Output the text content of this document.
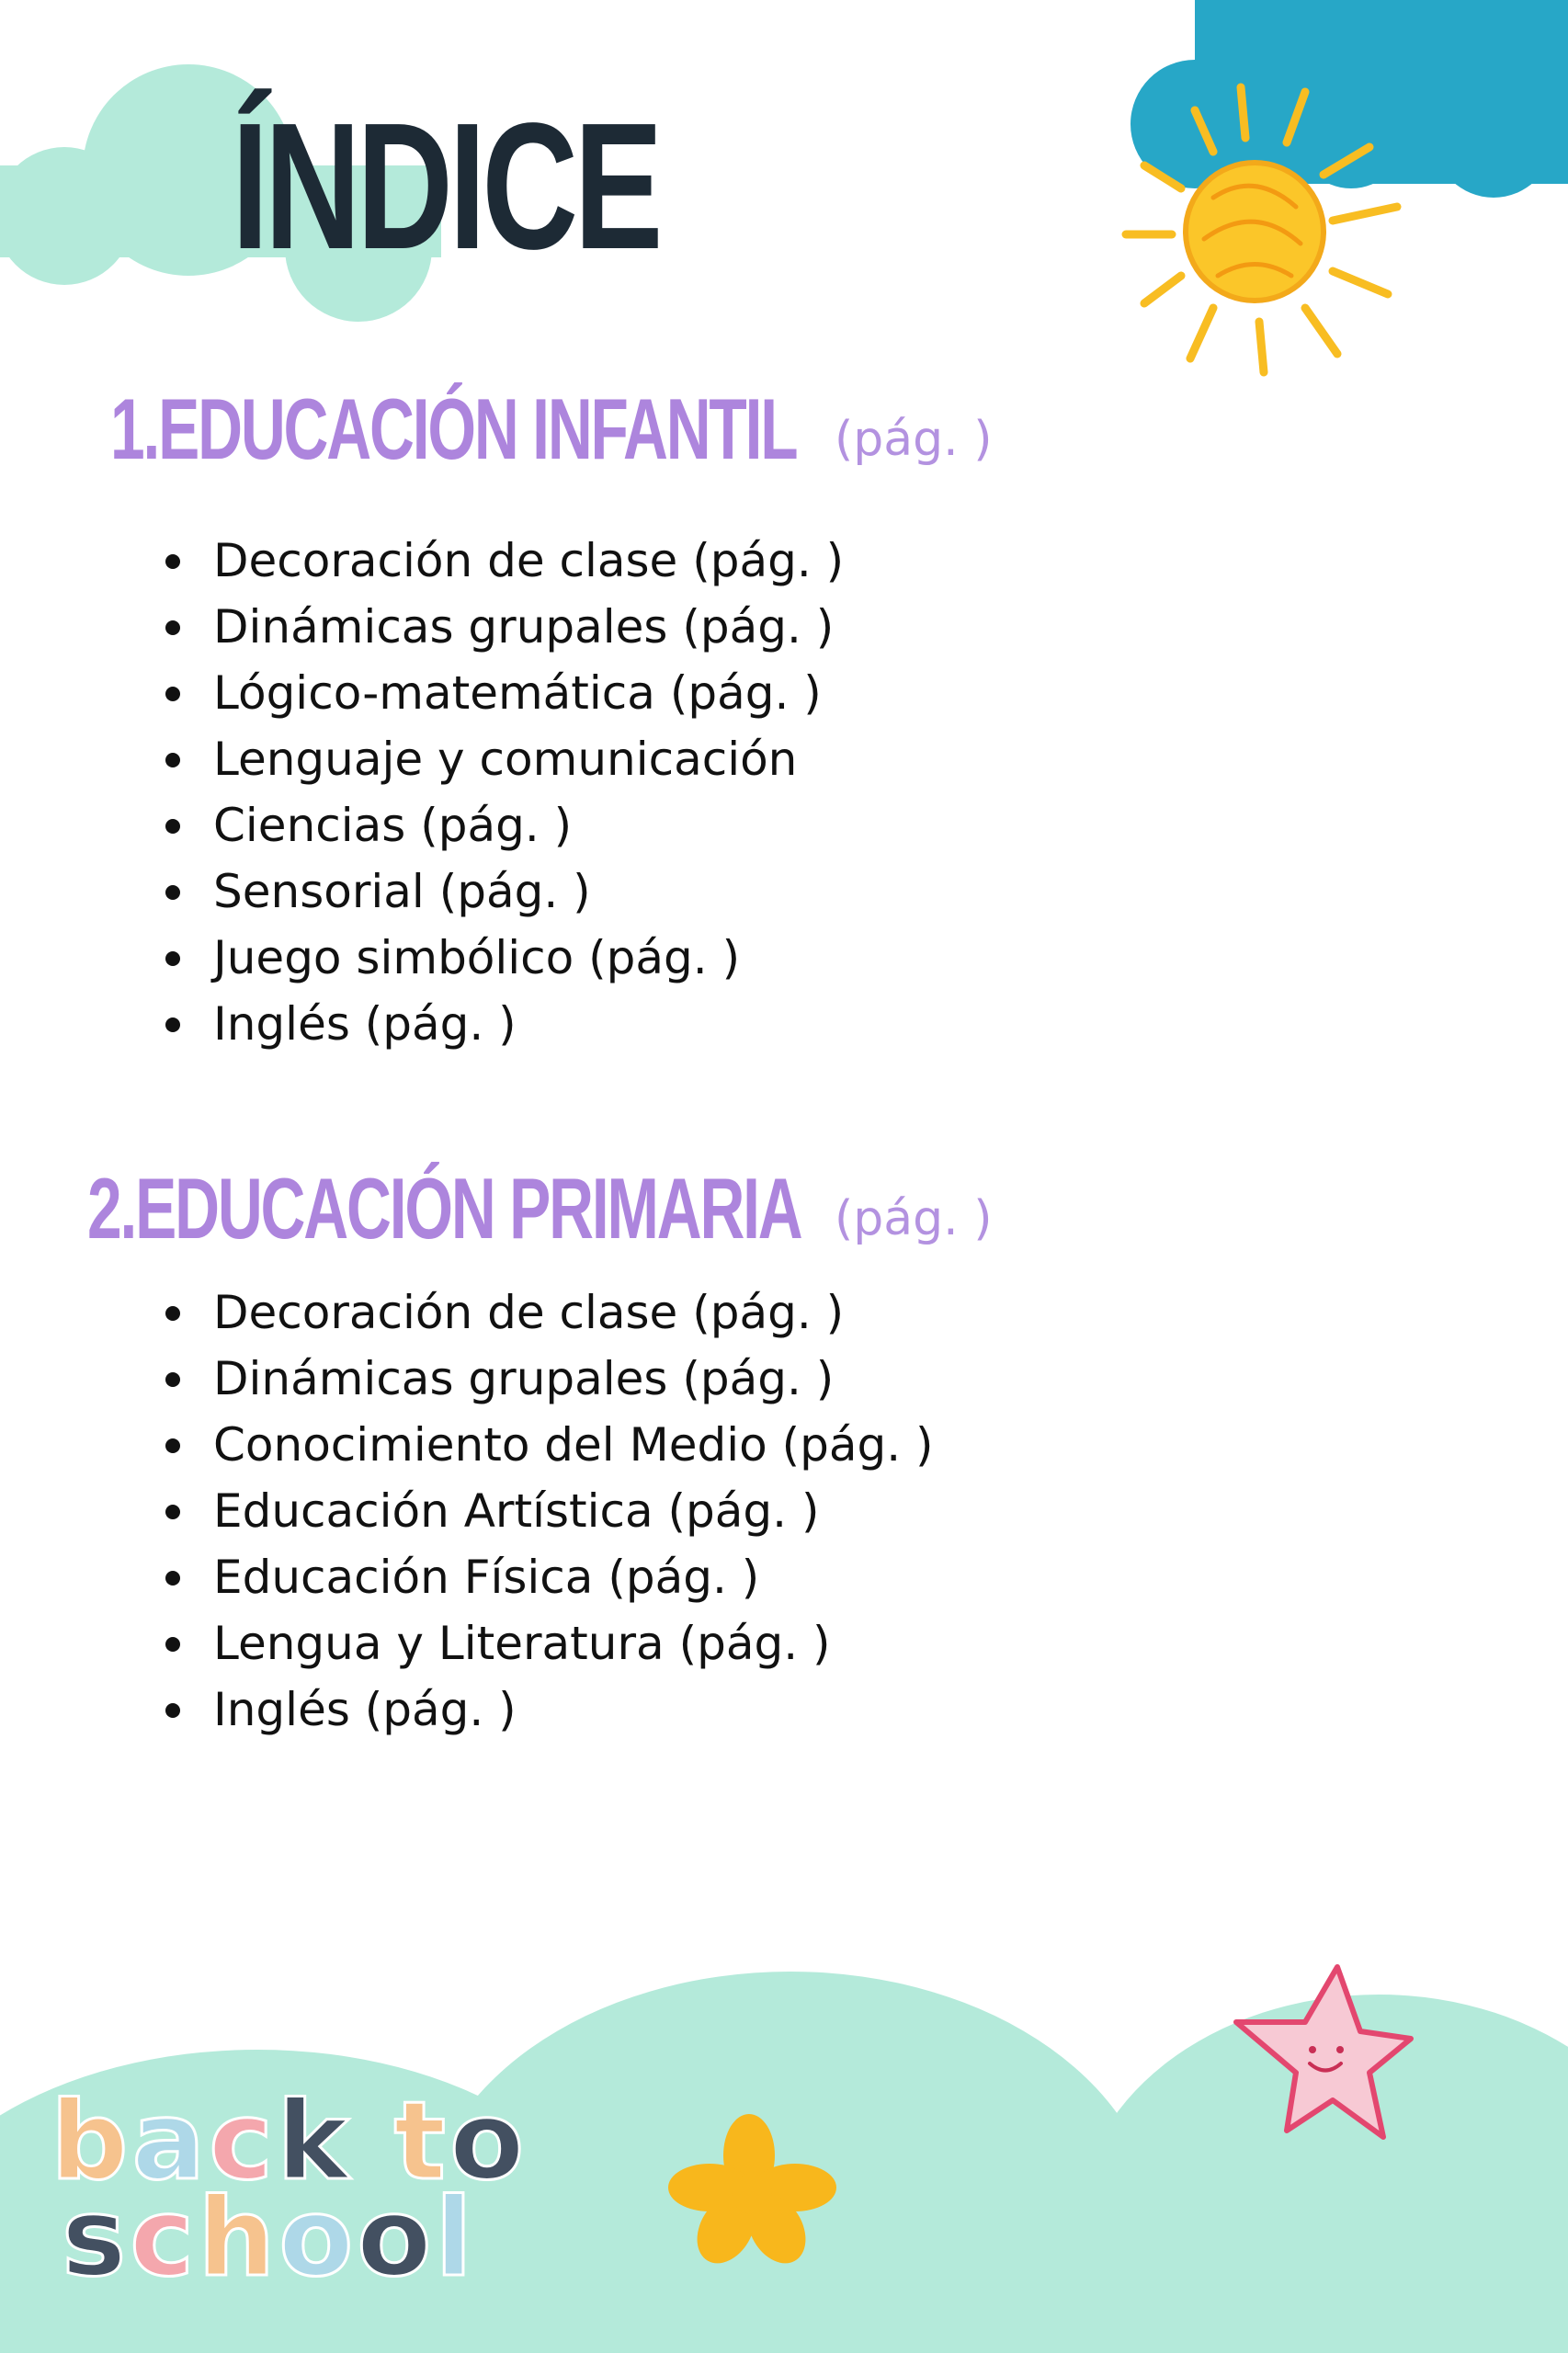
ÍNDICE
1.EDUCACIÓN INFANTIL (pág. )
Decoración de clase (pág. )
Dinámicas grupales (pág. )
Lógico-matemática (pág. )
Lenguaje y comunicación
Ciencias (pág. )
Sensorial (pág. )
Juego simbólico (pág. )
Inglés (pág. )
2.EDUCACIÓN PRIMARIA (pág. )
Decoración de clase (pág. )
Dinámicas grupales (pág. )
Conocimiento del Medio (pág. )
Educación Artística (pág. )
Educación Física (pág. )
Lengua y Literatura (pág. )
Inglés (pág. )
back to
school
